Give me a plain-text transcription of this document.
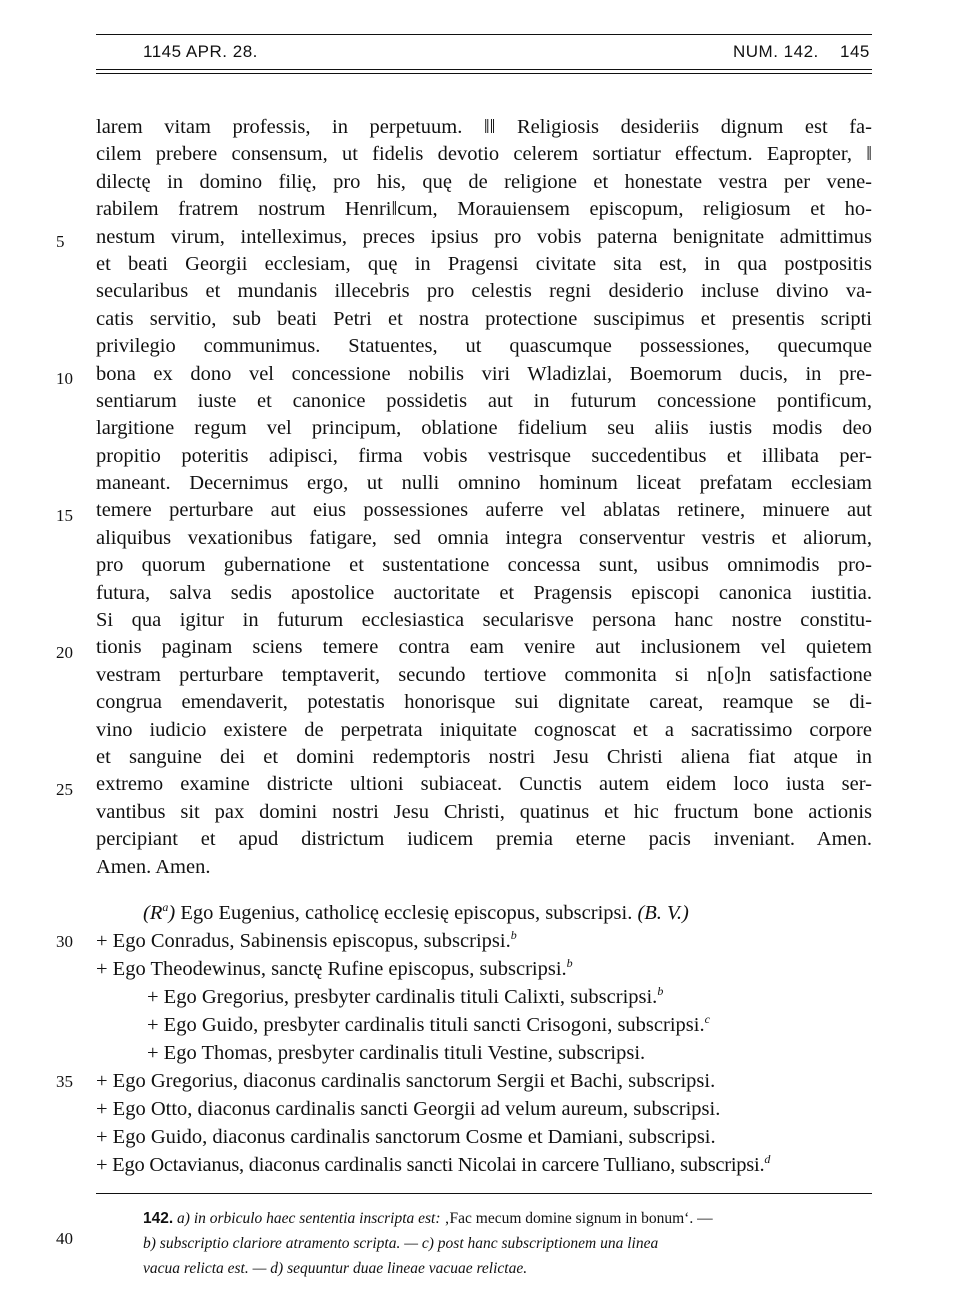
1145 APR. 28.	NUM. 142. 145
5
10
15
20
25
30
35
40
larem vitam professis, in perpetuum. ǁǁ Religiosis desideriis dignum est fa-
cilem prebere consensum, ut fidelis devotio celerem sortiatur effectum. Eapropter, ǁ
dilectę in domino filię, pro his, quę de religione et honestate vestra per vene-
rabilem fratrem nostrum Henriǁcum, Morauiensem episcopum, religiosum et ho-
nestum virum, intelleximus, preces ipsius pro vobis paterna benignitate admittimus
et beati Georgii ecclesiam, quę in Pragensi civitate sita est, in qua postpositis
secularibus et mundanis illecebris pro celestis regni desiderio incluse divino va-
catis servitio, sub beati Petri et nostra protectione suscipimus et presentis scripti
privilegio communimus. Statuentes, ut quascumque possessiones, quecumque
bona ex dono vel concessione nobilis viri Wladizlai, Boemorum ducis, in pre-
sentiarum iuste et canonice possidetis aut in futurum concessione pontificum,
largitione regum vel principum, oblatione fidelium seu aliis iustis modis deo
propitio poteritis adipisci, firma vobis vestrisque succedentibus et illibata per-
maneant. Decernimus ergo, ut nulli omnino hominum liceat prefatam ecclesiam
temere perturbare aut eius possessiones auferre vel ablatas retinere, minuere aut
aliquibus vexationibus fatigare, sed omnia integra conserventur vestris et aliorum,
pro quorum gubernatione et sustentatione concessa sunt, usibus omnimodis pro-
futura, salva sedis apostolice auctoritate et Pragensis episcopi canonica iustitia.
Si qua igitur in futurum ecclesiastica secularisve persona hanc nostre constitu-
tionis paginam sciens temere contra eam venire aut inclusionem vel quietem
vestram perturbare temptaverit, secundo tertiove commonita si n[o]n satisfactione
congrua emendaverit, potestatis honorisque sui dignitate careat, reamque se di-
vino iudicio existere de perpetrata iniquitate cognoscat et a sacratissimo corpore
et sanguine dei et domini redemptoris nostri Jesu Christi aliena fiat atque in
extremo examine districte ultioni subiaceat. Cunctis autem eidem loco iusta ser-
vantibus sit pax domini nostri Jesu Christi, quatinus et hic fructum bone actionis
percipiant et apud districtum iudicem premia eterne pacis inveniant. Amen.
Amen. Amen.
$(R^a)$ Ego Eugenius, catholicę ecclesię episcopus, subscripsi. (B. V.)
+ Ego Conradus, Sabinensis episcopus, subscripsi.$^b$
+ Ego Theodewinus, sanctę Rufine episcopus, subscripsi.$^b$
+ Ego Gregorius, presbyter cardinalis tituli Calixti, subscripsi.$^b$
+ Ego Guido, presbyter cardinalis tituli sancti Crisogoni, subscripsi.$^c$
+ Ego Thomas, presbyter cardinalis tituli Vestine, subscripsi.
+ Ego Gregorius, diaconus cardinalis sanctorum Sergii et Bachi, subscripsi.
+ Ego Otto, diaconus cardinalis sancti Georgii ad velum aureum, subscripsi.
+ Ego Guido, diaconus cardinalis sanctorum Cosme et Damiani, subscripsi.
+ Ego Octavianus, diaconus cardinalis sancti Nicolai in carcere Tulliano, subscripsi.$^d$
142. a) in orbiculo haec sententia inscripta est: ‚Fac mecum domine signum in bonum‘. —
b) subscriptio clariore atramento scripta. — c) post hanc subscriptionem una linea
vacua relicta est. — d) sequuntur duae lineae vacuae relictae.
